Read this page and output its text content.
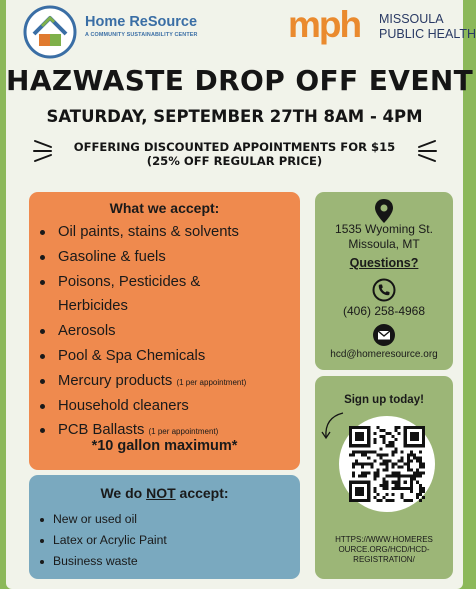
Home ReSource
A COMMUNITY SUSTAINABILITY CENTER mph MISSOULA
PUBLIC HEALTH
HAZWASTE DROP OFF EVENT
SATURDAY, SEPTEMBER 27TH 8AM - 4PM
OFFERING DISCOUNTED APPOINTMENTS FOR $15
(25% OFF REGULAR PRICE)
What we accept:
Oil paints, stains & solvents
Gasoline & fuels
Poisons, Pesticides &
Herbicides
Aerosols
Pool & Spa Chemicals
Mercury products (1 per appointment)
Household cleaners
PCB Ballasts (1 per appointment)
*10 gallon maximum*
We do NOT accept:
New or used oil
Latex or Acrylic Paint
Business waste
1535 Wyoming St.
Missoula, MT
Questions?
(406) 258-4968
hcd@homeresource.org
Sign up today!
HTTPS://WWW.HOMERES
OURCE.ORG/HCD/HCD-
REGISTRATION/
